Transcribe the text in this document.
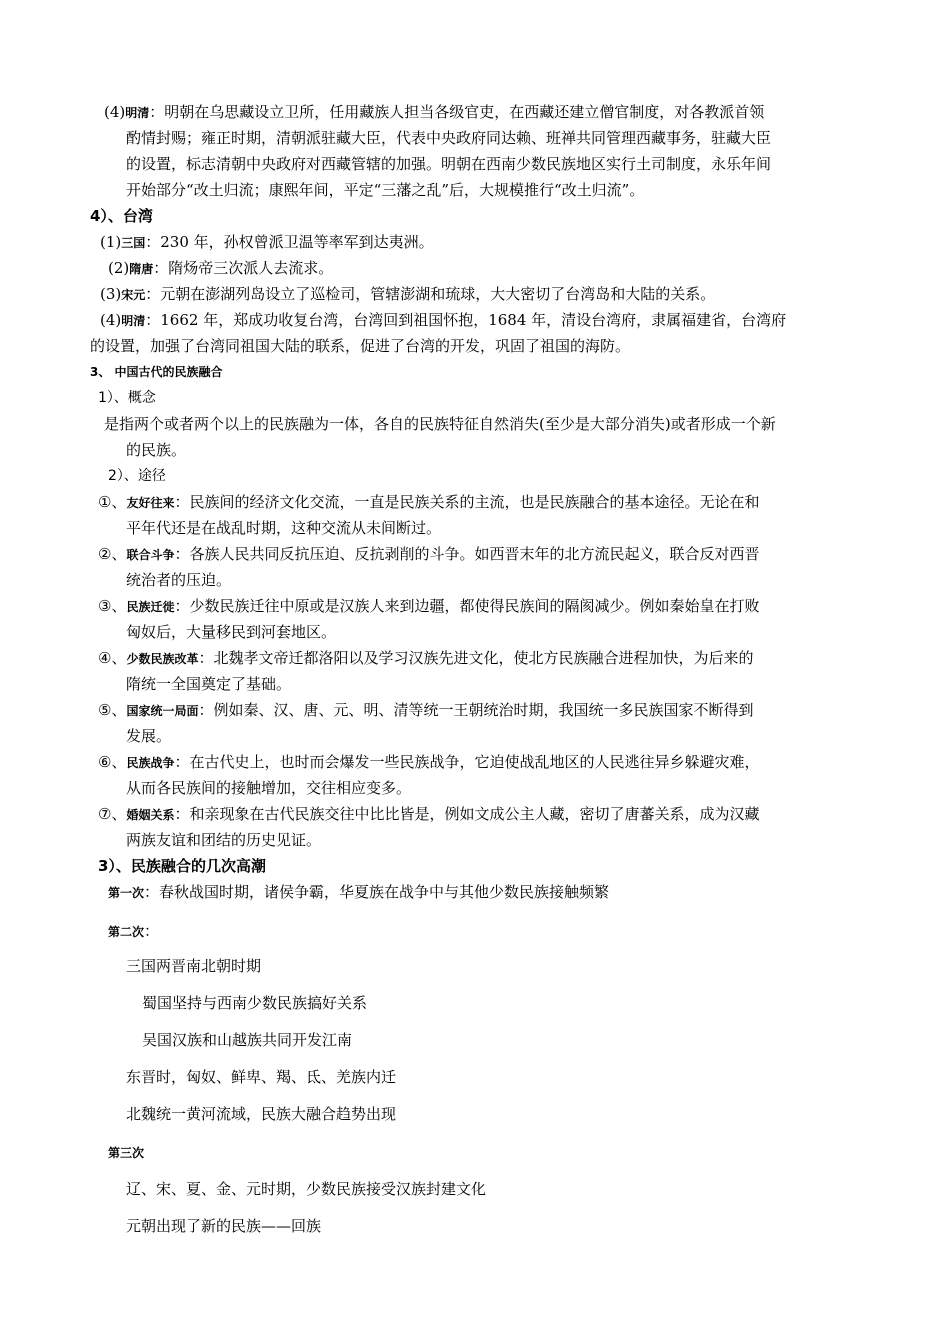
(4)明清：明朝在乌思藏设立卫所，任用藏族人担当各级官吏，在西藏还建立僧官制度，对各教派首领
酌情封赐；雍正时期，清朝派驻藏大臣，代表中央政府同达赖、班禅共同管理西藏事务，驻藏大臣
的设置，标志清朝中央政府对西藏管辖的加强。明朝在西南少数民族地区实行土司制度，永乐年间
开始部分“改土归流；康熙年间，平定“三藩之乱”后，大规模推行“改土归流”。
4）、台湾
(1)三国：230 年，孙权曾派卫温等率军到达夷洲。
(2)隋唐：隋炀帝三次派人去流求。
(3)宋元：元朝在澎湖列岛设立了巡检司，管辖澎湖和琉球，大大密切了台湾岛和大陆的关系。
(4)明清：1662 年，郑成功收复台湾，台湾回到祖国怀抱，1684 年，清设台湾府，隶属福建省，台湾府
的设置，加强了台湾同祖国大陆的联系，促进了台湾的开发，巩固了祖国的海防。
3、 中国古代的民族融合
1）、概念
是指两个或者两个以上的民族融为一体，各自的民族特征自然消失(至少是大部分消失)或者形成一个新
的民族。
2）、途径
①、友好往来：民族间的经济文化交流，一直是民族关系的主流，也是民族融合的基本途径。无论在和
平年代还是在战乱时期，这种交流从未间断过。
②、联合斗争：各族人民共同反抗压迫、反抗剥削的斗争。如西晋末年的北方流民起义，联合反对西晋
统治者的压迫。
③、民族迁徙：少数民族迁往中原或是汉族人来到边疆，都使得民族间的隔阂减少。例如秦始皇在打败
匈奴后，大量移民到河套地区。
④、少数民族改革：北魏孝文帝迁都洛阳以及学习汉族先进文化，使北方民族融合进程加快，为后来的
隋统一全国奠定了基础。
⑤、国家统一局面：例如秦、汉、唐、元、明、清等统一王朝统治时期，我国统一多民族国家不断得到
发展。
⑥、民族战争：在古代史上，也时而会爆发一些民族战争，它迫使战乱地区的人民逃往异乡躲避灾难，
从而各民族间的接触增加，交往相应变多。
⑦、婚姻关系：和亲现象在古代民族交往中比比皆是，例如文成公主人藏，密切了唐蕃关系，成为汉藏
两族友谊和团结的历史见证。
3）、民族融合的几次高潮
第一次：春秋战国时期，诸侯争霸，华夏族在战争中与其他少数民族接触频繁
第二次：
三国两晋南北朝时期
蜀国坚持与西南少数民族搞好关系
吴国汉族和山越族共同开发江南
东晋时，匈奴、鲜卑、羯、氐、羌族内迁
北魏统一黄河流域，民族大融合趋势出现
第三次
辽、宋、夏、金、元时期，少数民族接受汉族封建文化
元朝出现了新的民族——回族
